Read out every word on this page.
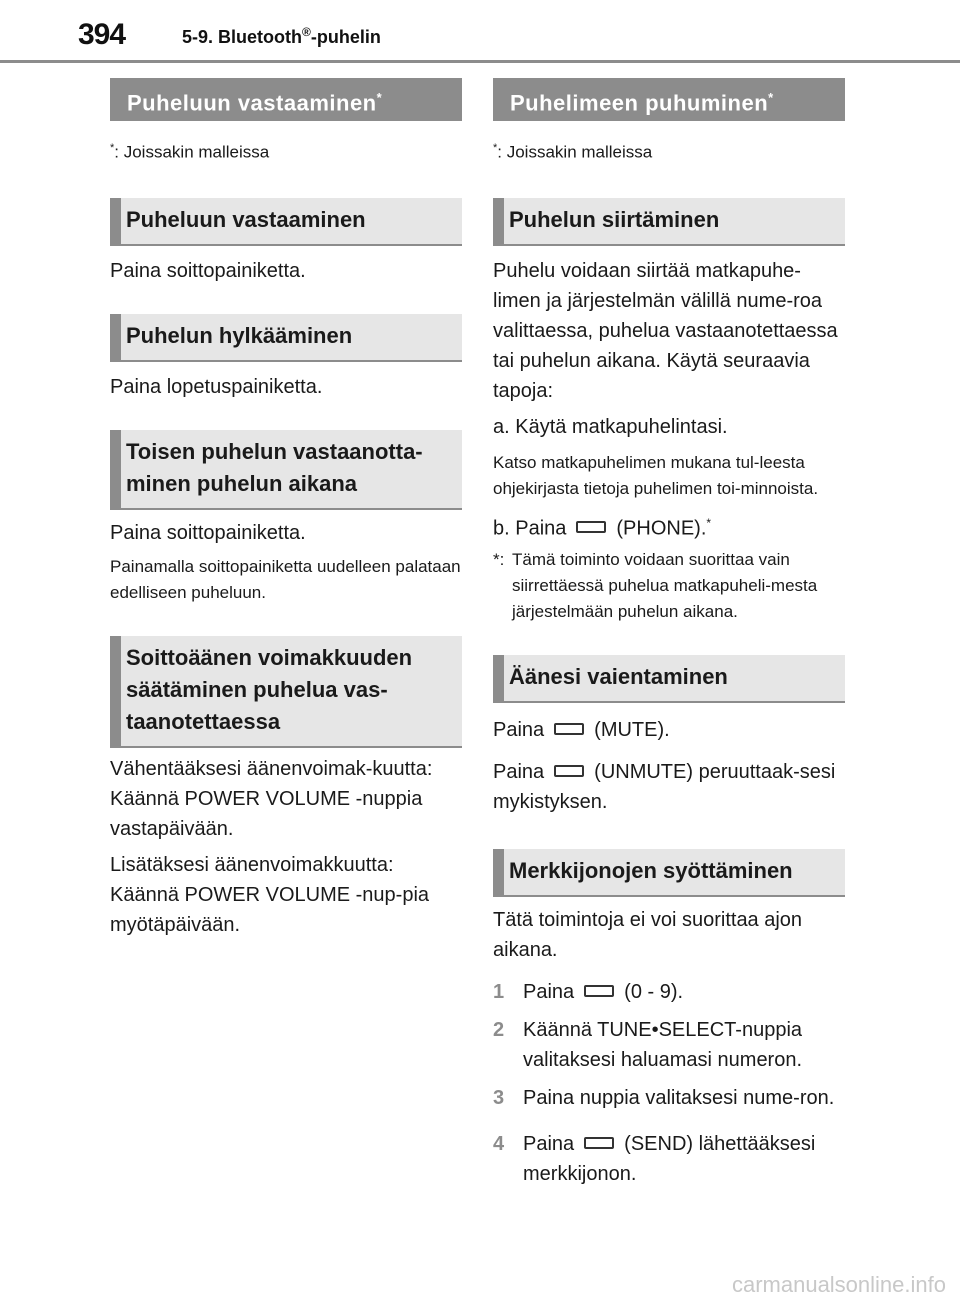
394	5-9. Bluetooth®-puhelin
Puheluun vastaaminen*
*: Joissakin malleissa
Puheluun vastaaminen
Paina soittopainiketta.
Puhelun hylkääminen
Paina lopetuspainiketta.
Toisen puhelun vastaanotta-minen puhelun aikana
Paina soittopainiketta.
Painamalla soittopainiketta uudelleen palataan edelliseen puheluun.
Soittoäänen voimakkuuden säätäminen puhelua vas-taanotettaessa
Vähentääksesi äänenvoimak-kuutta: Käännä POWER VOLUME -nuppia vastapäivään.
Lisätäksesi äänenvoimakkuutta: Käännä POWER VOLUME -nup-pia myötäpäivään.
Puhelimeen puhuminen*
*: Joissakin malleissa
Puhelun siirtäminen
Puhelu voidaan siirtää matkapuhe-limen ja järjestelmän välillä nume-roa valittaessa, puhelua vastaanotettaessa tai puhelun aikana. Käytä seuraavia tapoja:
a. Käytä matkapuhelintasi.
Katso matkapuhelimen mukana tul-leesta ohjekirjasta tietoja puhelimen toi-minnoista.
b. Paina	(PHONE).*
*: Tämä toiminto voidaan suorittaa vain siirrettäessä puhelua matkapuheli-mesta järjestelmään puhelun aikana.
Äänesi vaientaminen
Paina	(MUTE).
Paina	(UNMUTE) peruuttaak-sesi mykistyksen.
Merkkijonojen syöttäminen
Tätä toimintoja ei voi suorittaa ajon aikana.
1 Paina	(0 - 9).
2 Käännä TUNE•SELECT-nuppia valitaksesi haluamasi numeron.
3 Paina nuppia valitaksesi nume-ron.
4 Paina	(SEND) lähettääksesi merkkijonon.
carmanualsonline.info
